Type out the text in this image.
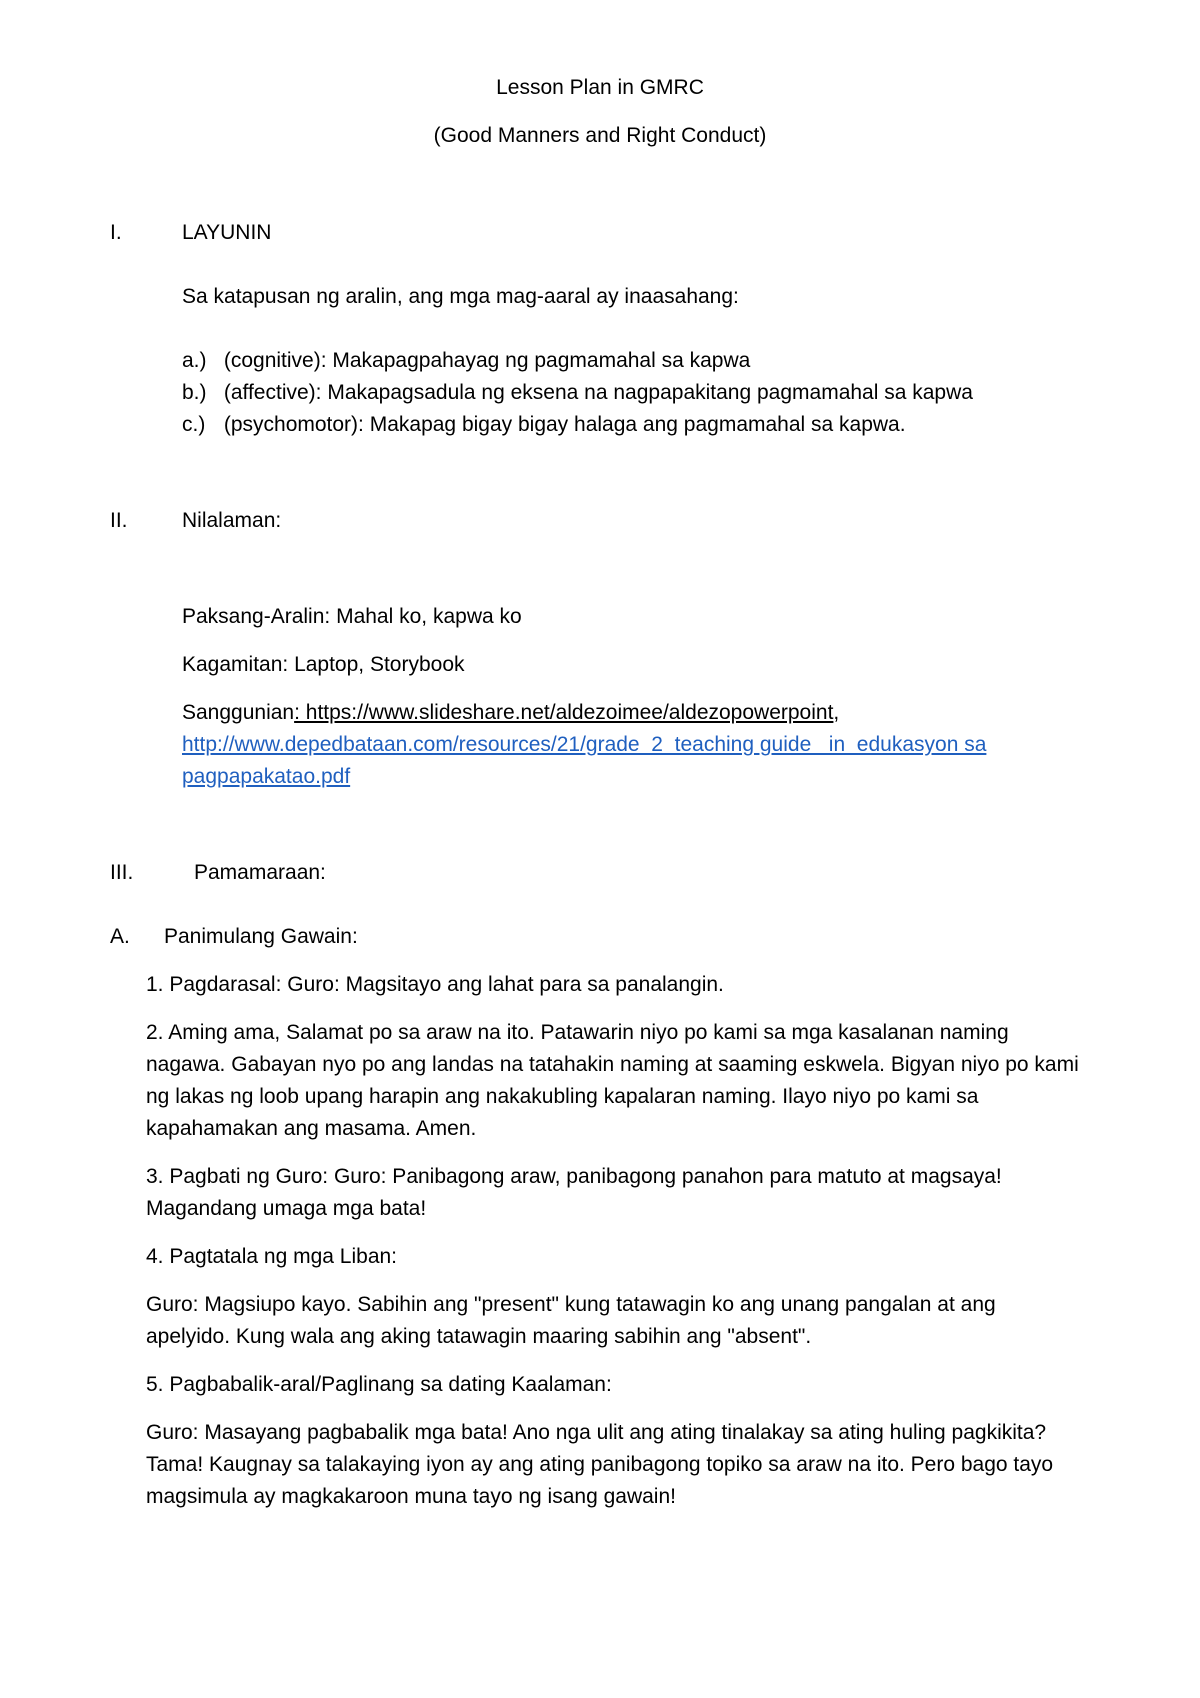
Lesson Plan in GMRC
(Good Manners and Right Conduct)
I.	LAYUNIN
Sa katapusan ng aralin, ang mga mag-aaral ay inaasahang:
a.) (cognitive): Makapagpahayag ng pagmamahal sa kapwa
b.) (affective): Makapagsadula ng eksena na nagpapakitang pagmamahal sa kapwa
c.) (psychomotor): Makapag bigay bigay halaga ang pagmamahal sa kapwa.
II.	Nilalaman:
Paksang-Aralin: Mahal ko, kapwa ko
Kagamitan: Laptop, Storybook
Sanggunian: https://www.slideshare.net/aldezoimee/aldezopowerpoint,
http://www.depedbataan.com/resources/21/grade_2_teaching guide_ in_edukasyon sa
pagpapakatao.pdf
III.	Pamamaraan:
A. Panimulang Gawain:
1. Pagdarasal: Guro: Magsitayo ang lahat para sa panalangin.
2. Aming ama, Salamat po sa araw na ito. Patawarin niyo po kami sa mga kasalanan naming
nagawa. Gabayan nyo po ang landas na tatahakin naming at saaming eskwela. Bigyan niyo po kami
ng lakas ng loob upang harapin ang nakakubling kapalaran naming. Ilayo niyo po kami sa
kapahamakan ang masama. Amen.
3. Pagbati ng Guro: Guro: Panibagong araw, panibagong panahon para matuto at magsaya!
Magandang umaga mga bata!
4. Pagtatala ng mga Liban:
Guro: Magsiupo kayo. Sabihin ang "present" kung tatawagin ko ang unang pangalan at ang
apelyido. Kung wala ang aking tatawagin maaring sabihin ang "absent".
5. Pagbabalik-aral/Paglinang sa dating Kaalaman:
Guro: Masayang pagbabalik mga bata! Ano nga ulit ang ating tinalakay sa ating huling pagkikita?
Tama! Kaugnay sa talakaying iyon ay ang ating panibagong topiko sa araw na ito. Pero bago tayo
magsimula ay magkakaroon muna tayo ng isang gawain!
